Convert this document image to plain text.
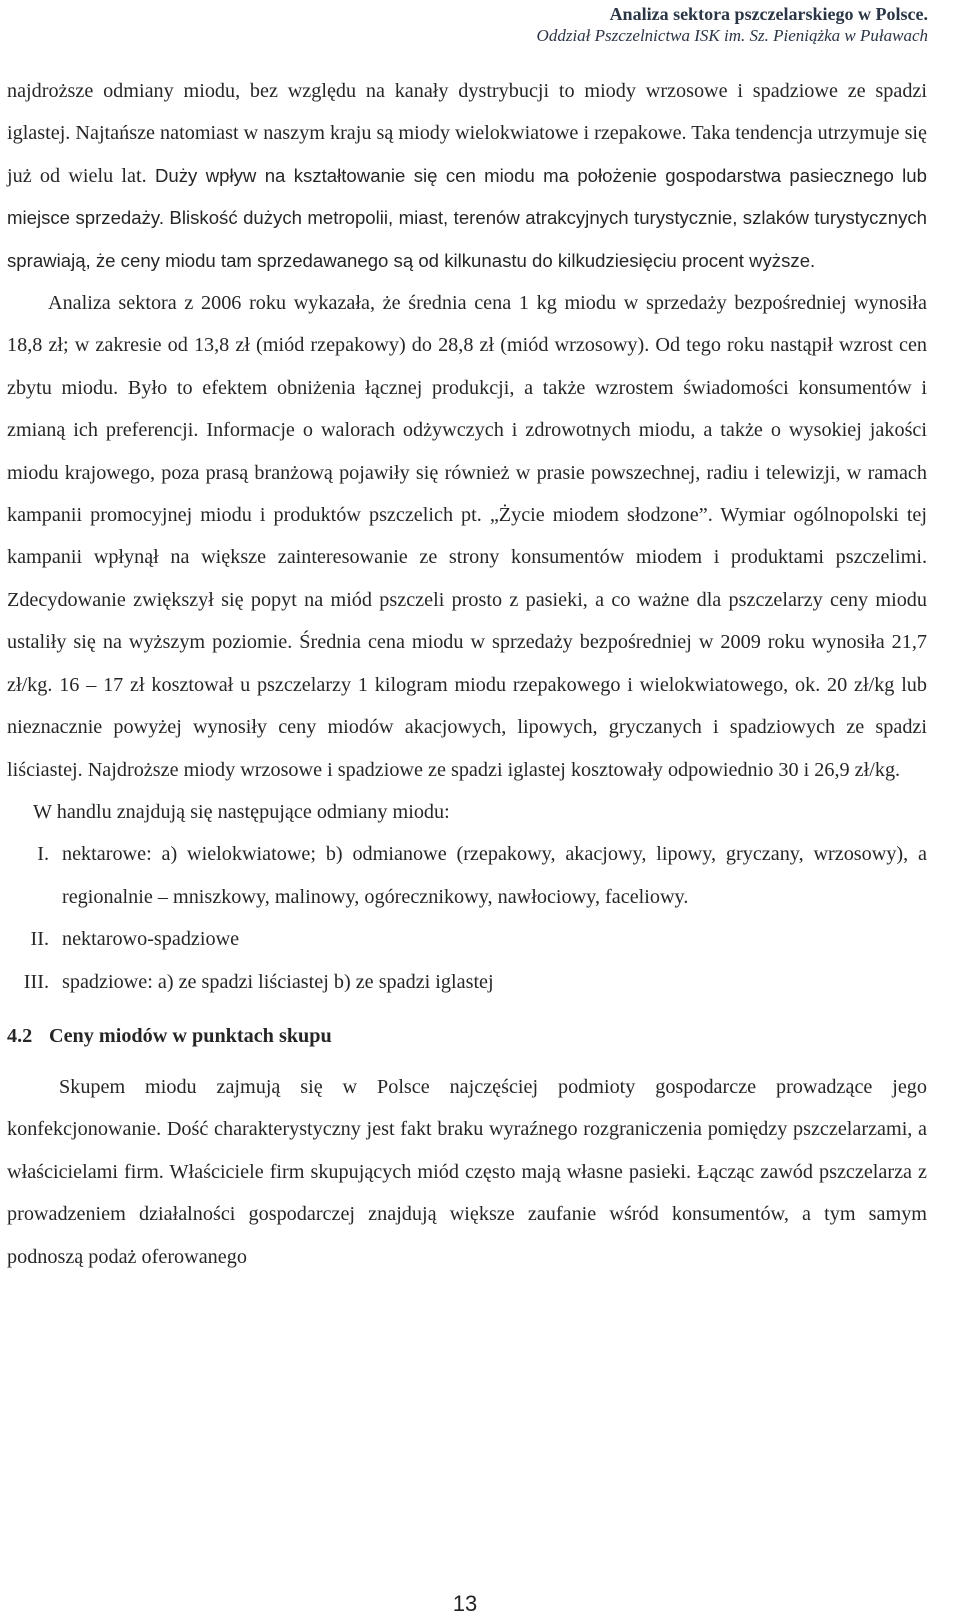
Analiza sektora pszczelarskiego w Polsce.
Oddział Pszczelnictwa ISK im. Sz. Pieniążka w Puławach

najdroższe odmiany miodu, bez względu na kanały dystrybucji to miody wrzosowe i spadziowe ze spadzi iglastej. Najtańsze natomiast w naszym kraju są miody wielokwiatowe i rzepakowe. Taka tendencja utrzymuje się już od wielu lat. Duży wpływ na kształtowanie się cen miodu ma położenie gospodarstwa pasiecznego lub miejsce sprzedaży. Bliskość dużych metropolii, miast, terenów atrakcyjnych turystycznie, szlaków turystycznych sprawiają, że ceny miodu tam sprzedawanego są od kilkunastu do kilkudziesięciu procent wyższe.

Analiza sektora z 2006 roku wykazała, że średnia cena 1 kg miodu w sprzedaży bezpośredniej wynosiła 18,8 zł; w zakresie od 13,8 zł (miód rzepakowy) do 28,8 zł (miód wrzosowy). Od tego roku nastąpił wzrost cen zbytu miodu. Było to efektem obniżenia łącznej produkcji, a także wzrostem świadomości konsumentów i zmianą ich preferencji. Informacje o walorach odżywczych i zdrowotnych miodu, a także o wysokiej jakości miodu krajowego, poza prasą branżową pojawiły się również w prasie powszechnej, radiu i telewizji, w ramach kampanii promocyjnej miodu i produktów pszczelich pt. „Życie miodem słodzone”. Wymiar ogólnopolski tej kampanii wpłynął na większe zainteresowanie ze strony konsumentów miodem i produktami pszczelimi. Zdecydowanie zwiększył się popyt na miód pszczeli prosto z pasieki, a co ważne dla pszczelarzy ceny miodu ustaliły się na wyższym poziomie. Średnia cena miodu w sprzedaży bezpośredniej w 2009 roku wynosiła 21,7 zł/kg. 16 – 17 zł kosztował u pszczelarzy 1 kilogram miodu rzepakowego i wielokwiatowego, ok. 20 zł/kg lub nieznacznie powyżej wynosiły ceny miodów akacjowych, lipowych, gryczanych i spadziowych ze spadzi liściastej. Najdroższe miody wrzosowe i spadziowe ze spadzi iglastej kosztowały odpowiednio 30 i 26,9 zł/kg.

W handlu znajdują się następujące odmiany miodu:

I. nektarowe: a) wielokwiatowe; b) odmianowe (rzepakowy, akacjowy, lipowy, gryczany, wrzosowy), a regionalnie – mniszkowy, malinowy, ogórecznikowy, nawłociowy, faceliowy.
II. nektarowo-spadziowe
III. spadziowe: a) ze spadzi liściastej b) ze spadzi iglastej
4.2 Ceny miodów w punktach skupu

Skupem miodu zajmują się w Polsce najczęściej podmioty gospodarcze prowadzące jego konfekcjonowanie. Dość charakterystyczny jest fakt braku wyraźnego rozgraniczenia pomiędzy pszczelarzami, a właścicielami firm. Właściciele firm skupujących miód często mają własne pasieki. Łącząc zawód pszczelarza z prowadzeniem działalności gospodarczej znajdują większe zaufanie wśród konsumentów, a tym samym podnoszą podaż oferowanego

13
